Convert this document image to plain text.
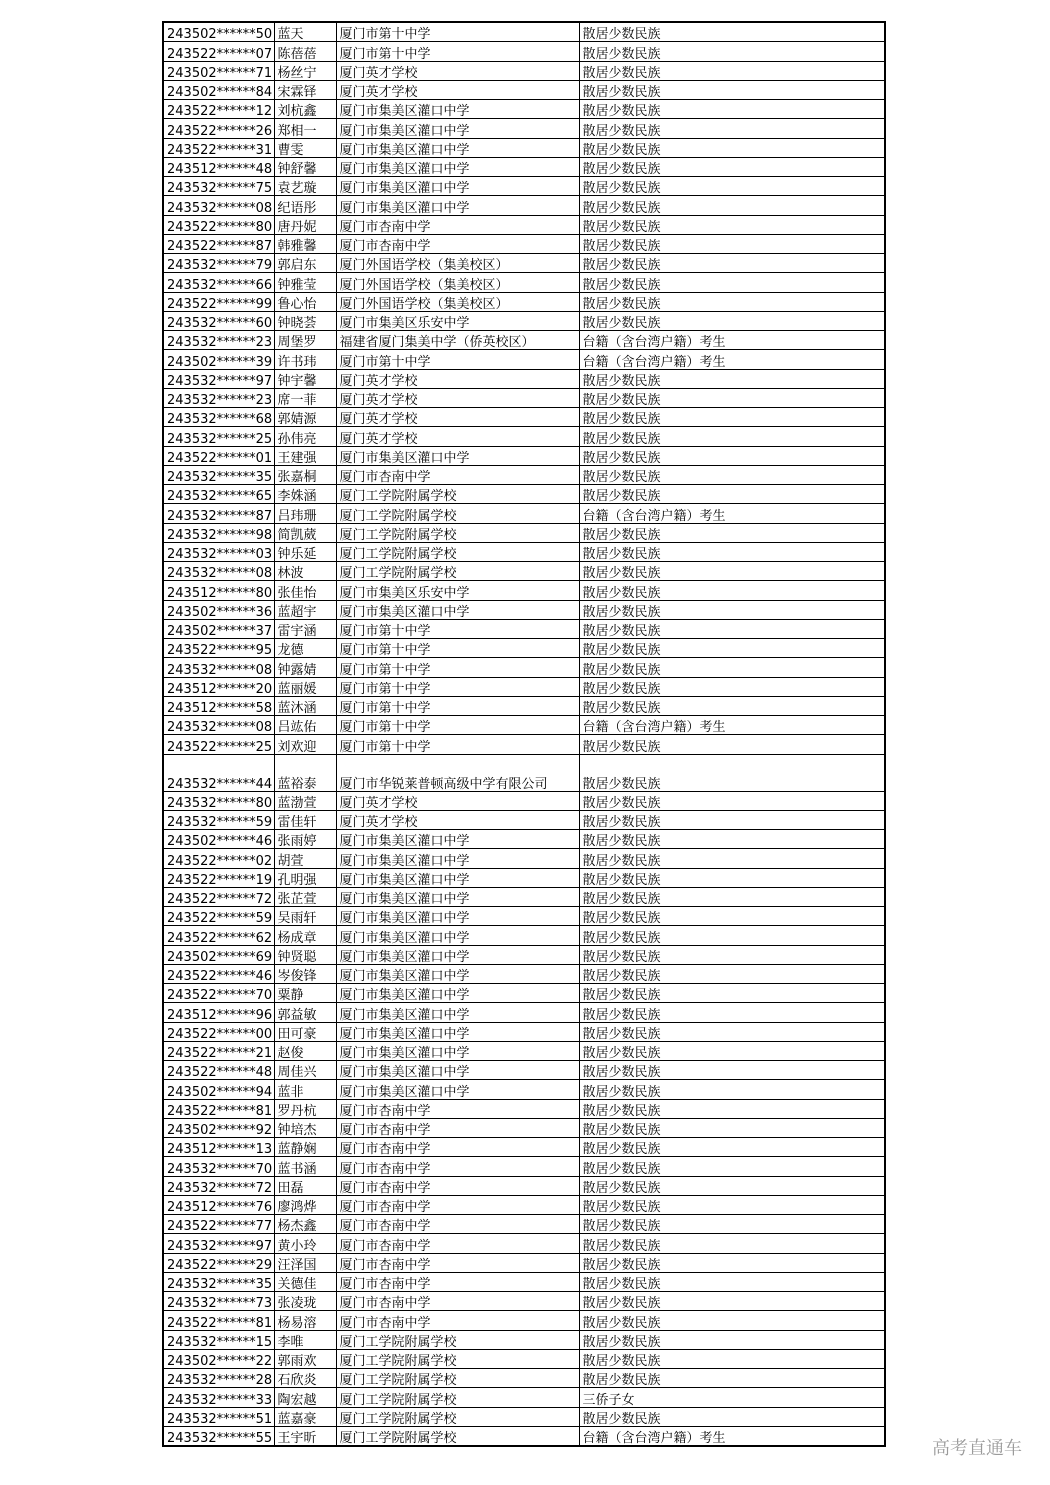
243502******50	蓝天	厦门市第十中学	散居少数民族
243522******07	陈蓓蓓	厦门市第十中学	散居少数民族
243502******71	杨丝宁	厦门英才学校	散居少数民族
243502******84	宋霖铎	厦门英才学校	散居少数民族
243522******12	刘杭鑫	厦门市集美区灌口中学	散居少数民族
243522******26	郑相一	厦门市集美区灌口中学	散居少数民族
243522******31	曹雯	厦门市集美区灌口中学	散居少数民族
243512******48	钟舒馨	厦门市集美区灌口中学	散居少数民族
243532******75	袁艺璇	厦门市集美区灌口中学	散居少数民族
243532******08	纪语彤	厦门市集美区灌口中学	散居少数民族
243522******80	唐丹妮	厦门市杏南中学	散居少数民族
243522******87	韩雅馨	厦门市杏南中学	散居少数民族
243532******79	郭启东	厦门外国语学校（集美校区）	散居少数民族
243532******66	钟雅莹	厦门外国语学校（集美校区）	散居少数民族
243522******99	鲁心怡	厦门外国语学校（集美校区）	散居少数民族
243532******60	钟晓荟	厦门市集美区乐安中学	散居少数民族
243532******23	周堡罗	福建省厦门集美中学（侨英校区）	台籍（含台湾户籍）考生
243502******39	许书玮	厦门市第十中学	台籍（含台湾户籍）考生
243532******97	钟宇馨	厦门英才学校	散居少数民族
243532******23	席一菲	厦门英才学校	散居少数民族
243532******68	郭婧源	厦门英才学校	散居少数民族
243532******25	孙伟亮	厦门英才学校	散居少数民族
243522******01	王建强	厦门市集美区灌口中学	散居少数民族
243532******35	张嘉桐	厦门市杏南中学	散居少数民族
243532******65	李姝涵	厦门工学院附属学校	散居少数民族
243532******87	吕玮珊	厦门工学院附属学校	台籍（含台湾户籍）考生
243532******98	简凯葳	厦门工学院附属学校	散居少数民族
243532******03	钟乐延	厦门工学院附属学校	散居少数民族
243532******08	林波	厦门工学院附属学校	散居少数民族
243512******80	张佳怡	厦门市集美区乐安中学	散居少数民族
243502******36	蓝超宇	厦门市集美区灌口中学	散居少数民族
243502******37	雷宇涵	厦门市第十中学	散居少数民族
243522******95	龙德	厦门市第十中学	散居少数民族
243532******08	钟露婧	厦门市第十中学	散居少数民族
243512******20	蓝丽媛	厦门市第十中学	散居少数民族
243512******58	蓝沐涵	厦门市第十中学	散居少数民族
243532******08	吕竑佑	厦门市第十中学	台籍（含台湾户籍）考生
243522******25	刘欢迎	厦门市第十中学	散居少数民族
243532******44	蓝裕泰	厦门市华锐莱普顿高级中学有限公司	散居少数民族
243532******80	蓝渤萱	厦门英才学校	散居少数民族
243532******59	雷佳轩	厦门英才学校	散居少数民族
243502******46	张雨婷	厦门市集美区灌口中学	散居少数民族
243522******02	胡萱	厦门市集美区灌口中学	散居少数民族
243522******19	孔明强	厦门市集美区灌口中学	散居少数民族
243522******72	张芷萱	厦门市集美区灌口中学	散居少数民族
243522******59	吴雨轩	厦门市集美区灌口中学	散居少数民族
243522******62	杨成章	厦门市集美区灌口中学	散居少数民族
243502******69	钟贤聪	厦门市集美区灌口中学	散居少数民族
243522******46	岑俊锋	厦门市集美区灌口中学	散居少数民族
243522******70	粟静	厦门市集美区灌口中学	散居少数民族
243512******96	郭益敏	厦门市集美区灌口中学	散居少数民族
243522******00	田可豪	厦门市集美区灌口中学	散居少数民族
243522******21	赵俊	厦门市集美区灌口中学	散居少数民族
243522******48	周佳兴	厦门市集美区灌口中学	散居少数民族
243502******94	蓝非	厦门市集美区灌口中学	散居少数民族
243522******81	罗丹杭	厦门市杏南中学	散居少数民族
243502******92	钟培杰	厦门市杏南中学	散居少数民族
243512******13	蓝静娴	厦门市杏南中学	散居少数民族
243532******70	蓝书涵	厦门市杏南中学	散居少数民族
243532******72	田磊	厦门市杏南中学	散居少数民族
243512******76	廖鸿烨	厦门市杏南中学	散居少数民族
243522******77	杨杰鑫	厦门市杏南中学	散居少数民族
243532******97	黄小玲	厦门市杏南中学	散居少数民族
243522******29	汪泽国	厦门市杏南中学	散居少数民族
243532******35	关德佳	厦门市杏南中学	散居少数民族
243532******73	张凌珑	厦门市杏南中学	散居少数民族
243522******81	杨易溶	厦门市杏南中学	散居少数民族
243532******15	李唯	厦门工学院附属学校	散居少数民族
243502******22	郭雨欢	厦门工学院附属学校	散居少数民族
243532******28	石欣炎	厦门工学院附属学校	散居少数民族
243532******33	陶宏越	厦门工学院附属学校	三侨子女
243532******51	蓝嘉豪	厦门工学院附属学校	散居少数民族
243532******55	王宇昕	厦门工学院附属学校	台籍（含台湾户籍）考生	高考直通车
